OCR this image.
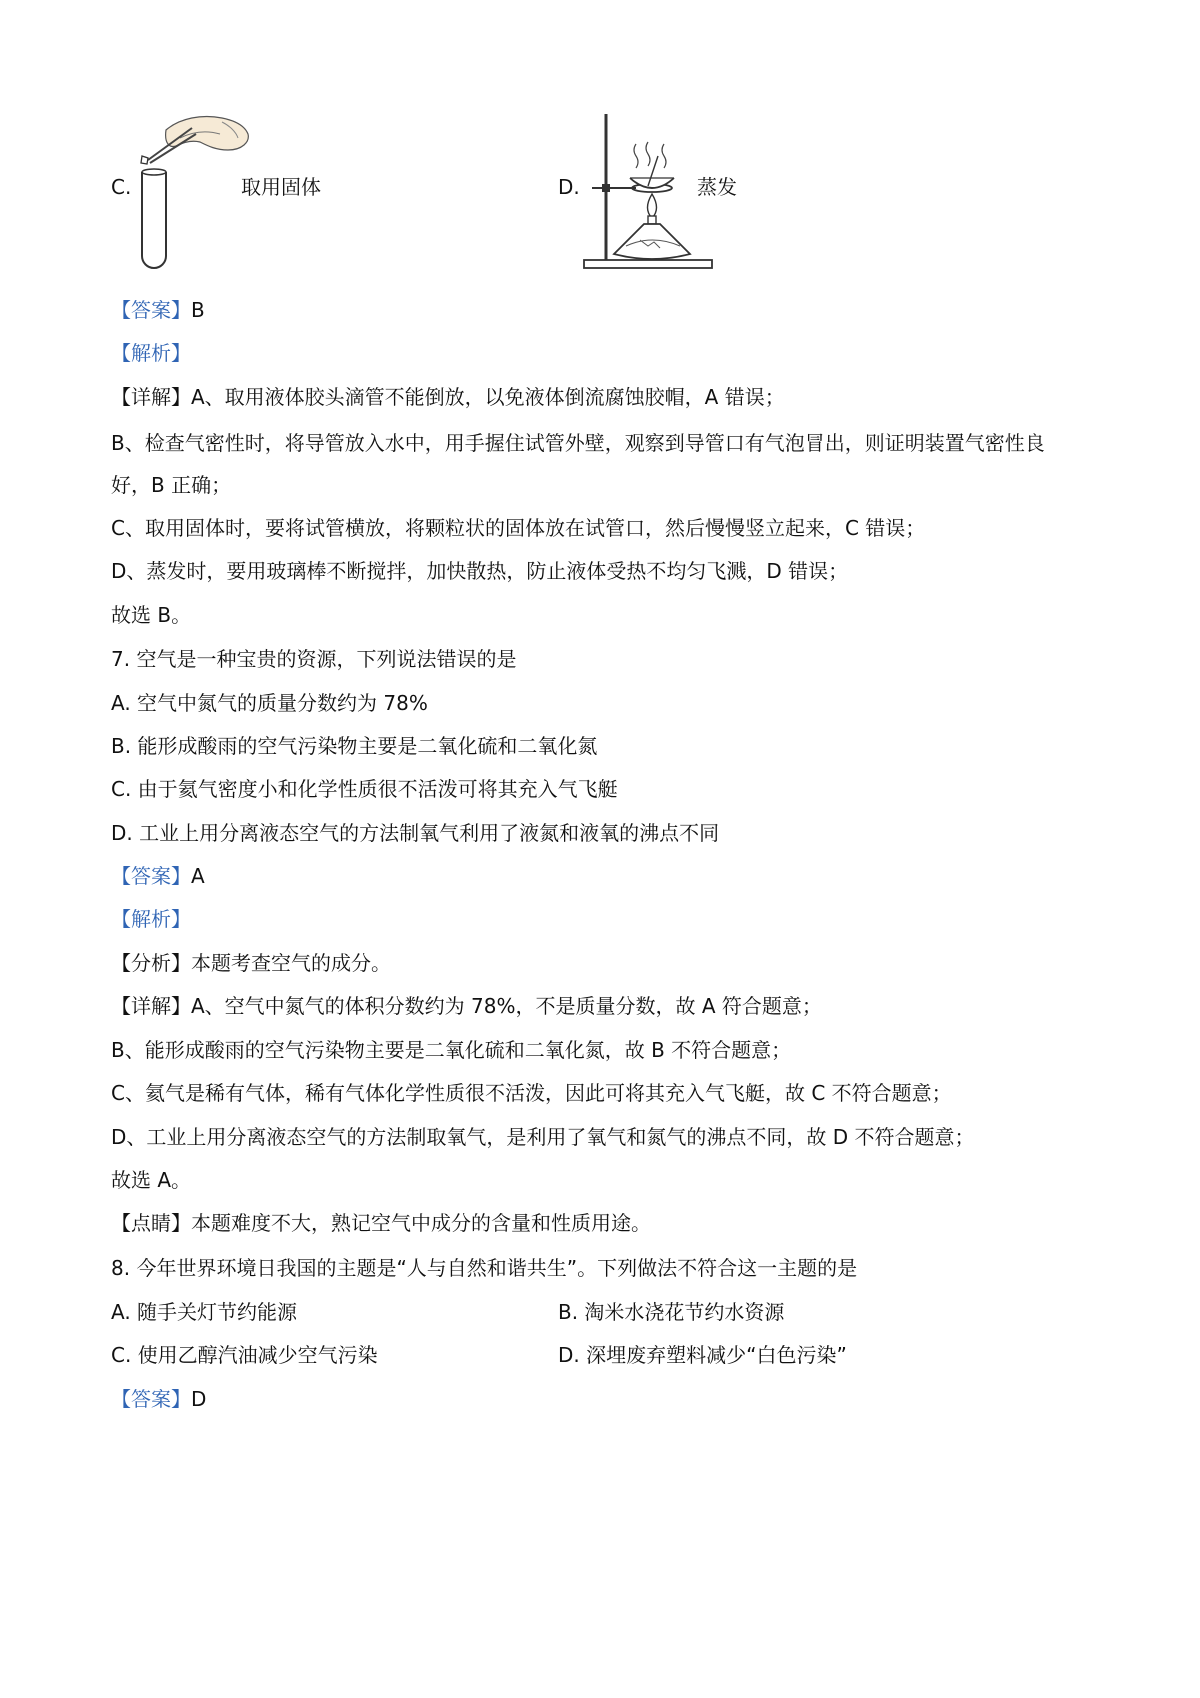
C.	取用固体	D.	蒸发
【答案】B
【解析】
【详解】A、取用液体胶头滴管不能倒放，以免液体倒流腐蚀胶帽，A 错误；
B、检查气密性时，将导管放入水中，用手握住试管外壁，观察到导管口有气泡冒出，则证明装置气密性良
好，B 正确；
C、取用固体时，要将试管横放，将颗粒状的固体放在试管口，然后慢慢竖立起来，C 错误；
D、蒸发时，要用玻璃棒不断搅拌，加快散热，防止液体受热不均匀飞溅，D 错误；
故选 B。
7. 空气是一种宝贵的资源，下列说法错误的是
A. 空气中氮气的质量分数约为 78%
B. 能形成酸雨的空气污染物主要是二氧化硫和二氧化氮
C. 由于氦气密度小和化学性质很不活泼可将其充入气飞艇
D. 工业上用分离液态空气的方法制氧气利用了液氮和液氧的沸点不同
【答案】A
【解析】
【分析】本题考查空气的成分。
【详解】A、空气中氮气的体积分数约为 78%，不是质量分数，故 A 符合题意；
B、能形成酸雨的空气污染物主要是二氧化硫和二氧化氮，故 B 不符合题意；
C、氦气是稀有气体，稀有气体化学性质很不活泼，因此可将其充入气飞艇，故 C 不符合题意；
D、工业上用分离液态空气的方法制取氧气，是利用了氧气和氮气的沸点不同，故 D 不符合题意；
故选 A。
【点睛】本题难度不大，熟记空气中成分的含量和性质用途。
8. 今年世界环境日我国的主题是“人与自然和谐共生”。下列做法不符合这一主题的是
A. 随手关灯节约能源	B. 淘米水浇花节约水资源
C. 使用乙醇汽油减少空气污染	D. 深埋废弃塑料减少“白色污染”
【答案】D
